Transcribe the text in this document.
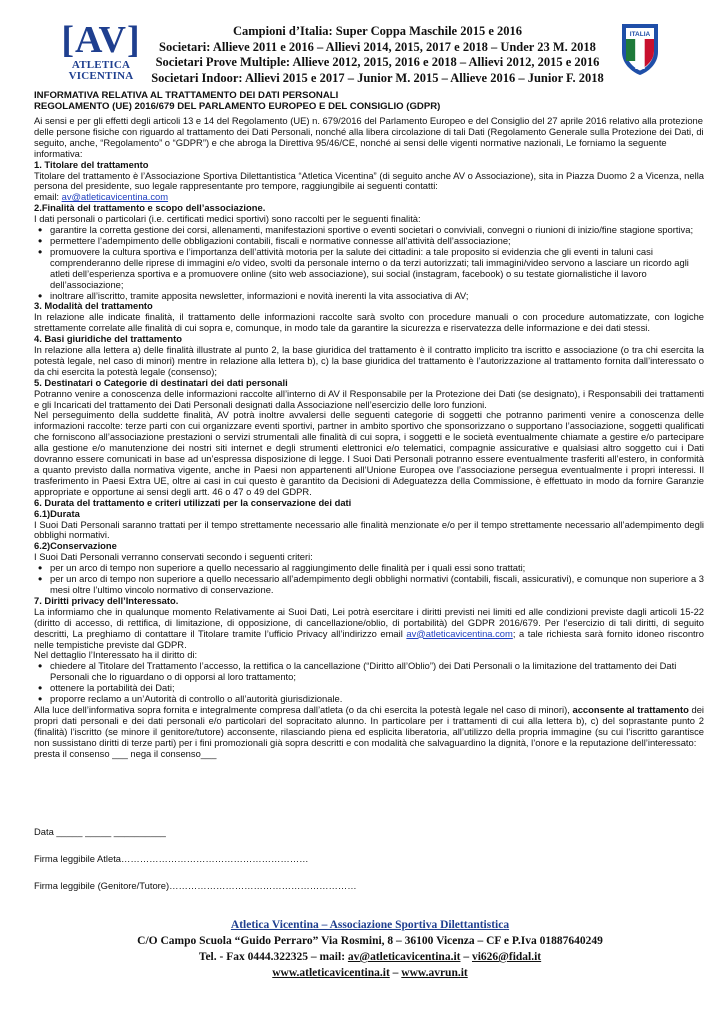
[AV]
ATLETICA
VICENTINA
Campioni d’Italia: Super Coppa Maschile 2015 e 2016
Societari: Allieve 2011 e 2016 – Allievi 2014, 2015, 2017 e 2018 – Under 23 M. 2018
Societari Prove Multiple: Allieve 2012, 2015, 2016 e 2018 – Allievi 2012, 2015 e 2016
Societari Indoor: Allievi 2015 e 2017 – Junior M. 2015 – Allieve 2016 – Junior F. 2018
ITALIA

INFORMATIVA RELATIVA AL TRATTAMENTO DEI DATI PERSONALI

REGOLAMENTO (UE) 2016/679 DEL PARLAMENTO EUROPEO E DEL CONSIGLIO (GDPR)

Ai sensi e per gli effetti degli articoli 13 e 14 del Regolamento (UE) n. 679/2016 del Parlamento Europeo e del Consiglio del 27 aprile 2016 relativo alla protezione delle persone fisiche con riguardo al trattamento dei Dati Personali, nonché alla libera circolazione di tali Dati (Regolamento Generale sulla Protezione dei Dati, di seguito, anche, “Regolamento” o “GDPR”) e che abroga la Direttiva 95/46/CE, nonché ai sensi delle vigenti normative nazionali, Le forniamo la seguente informativa:

1. Titolare del trattamento

Titolare del trattamento è l’Associazione Sportiva Dilettantistica “Atletica Vicentina” (di seguito anche AV o Associazione), sita in Piazza Duomo 2 a Vicenza, nella persona del presidente, suo legale rappresentante pro tempore, raggiungibile ai seguenti contatti:

email: av@atleticavicentina.com

2.Finalità del trattamento e scopo dell’associazione.

I dati personali o particolari (i.e. certificati medici sportivi) sono raccolti per le seguenti finalità:

• garantire la corretta gestione dei corsi, allenamenti, manifestazioni sportive o eventi societari o conviviali, convegni o riunioni di inizio/fine stagione sportiva;
• permettere l’adempimento delle obbligazioni contabili, fiscali e normative connesse all’attività dell’associazione;
• promuovere la cultura sportiva e l’importanza dell’attività motoria per la salute dei cittadini: a tale proposito si evidenzia che gli eventi in taluni casi comprenderanno delle riprese di immagini e/o video, svolti da personale interno o da terzi autorizzati; tali immagini/video servono a lasciare un ricordo agli atleti dell’esperienza sportiva e a promuovere online (sito web associazione), sui social (instagram, facebook) o su testate giornalistiche il lavoro dell’associazione;
• inoltrare all’iscritto, tramite apposita newsletter, informazioni e novità inerenti la vita associativa di AV;

3. Modalità del trattamento

In relazione alle indicate finalità, il trattamento delle informazioni raccolte sarà svolto con procedure manuali o con procedure automatizzate, con logiche strettamente correlate alle finalità di cui sopra e, comunque, in modo tale da garantire la sicurezza e riservatezza delle informazione e dei dati stessi.

4. Basi giuridiche del trattamento

In relazione alla lettera a) delle finalità illustrate al punto 2, la base giuridica del trattamento è il contratto implicito tra iscritto e associazione (o tra chi esercita la potestà legale, nel caso di minori) mentre in relazione alla lettera b), c) la base giuridica del trattamento è l’autorizzazione al trattamento fornita dall’interessato o da chi esercita la potestà legale (consenso);

5. Destinatari o Categorie di destinatari dei dati personali

Potranno venire a conoscenza delle informazioni raccolte all’interno di AV il Responsabile per la Protezione dei Dati (se designato), i Responsabili dei trattamenti e gli Incaricati del trattamento dei Dati Personali designati dalla Associazione nell’esercizio delle loro funzioni.

Nel perseguimento della suddette finalità, AV potrà inoltre avvalersi delle seguenti categorie di soggetti che potranno parimenti venire a conoscenza delle informazioni raccolte: terze parti con cui organizzare eventi sportivi, partner in ambito sportivo che sponsorizzano o supportano l’associazione, soggetti qualificati che forniscono all’associazione prestazioni o servizi strumentali alle finalità di cui sopra, i soggetti e le società eventualmente chiamate a gestire e/o partecipare alla gestione e/o manutenzione dei nostri siti internet e degli strumenti elettronici e/o telematici, compagnie assicurative e qualsiasi altro soggetto cui i Dati dovranno essere comunicati in base ad un’espressa disposizione di legge. I Suoi Dati Personali potranno essere eventualmente trasferiti all’estero, in conformità a quanto previsto dalla normativa vigente, anche in Paesi non appartenenti all’Unione Europea ove l’associazione persegua eventualmente i propri interessi. Il trasferimento in Paesi Extra UE, oltre ai casi in cui questo è garantito da Decisioni di Adeguatezza della Commissione, è effettuato in modo da fornire Garanzie appropriate e opportune ai sensi degli artt. 46 o 47 o 49 del GDPR.

6. Durata del trattamento e criteri utilizzati per la conservazione dei dati

6.1)Durata

I Suoi Dati Personali saranno trattati per il tempo strettamente necessario alle finalità menzionate e/o per il tempo strettamente necessario all’adempimento degli obblighi normativi.

6.2)Conservazione

I Suoi Dati Personali verranno conservati secondo i seguenti criteri:

• per un arco di tempo non superiore a quello necessario al raggiungimento delle finalità per i quali essi sono trattati;
• per un arco di tempo non superiore a quello necessario all’adempimento degli obblighi normativi (contabili, fiscali, assicurativi), e comunque non superiore a 3 mesi oltre l’ultimo vincolo normativo di conservazione.

7. Diritti privacy dell’Interessato.

La informiamo che in qualunque momento Relativamente ai Suoi Dati, Lei potrà esercitare i diritti previsti nei limiti ed alle condizioni previste dagli articoli 15-22 (diritto di accesso, di rettifica, di limitazione, di opposizione, di cancellazione/oblio, di portabilità) del GDPR 2016/679. Per l’esercizio di tali diritti, di seguito descritti, La preghiamo di contattare il Titolare tramite l’ufficio Privacy all’indirizzo email av@atleticavicentina.com; a tale richiesta sarà fornito idoneo riscontro nelle tempistiche previste dal GDPR.

Nel dettaglio l’Interessato ha il diritto di:

• chiedere al Titolare del Trattamento l’accesso, la rettifica o la cancellazione (“Diritto all’Oblio”) dei Dati Personali o la limitazione del trattamento dei Dati Personali che lo riguardano o di opporsi al loro trattamento;
• ottenere la portabilità dei Dati;
• proporre reclamo a un’Autorità di controllo o all’autorità giurisdizionale.

Alla luce dell’informativa sopra fornita e integralmente compresa dall’atleta (o da chi esercita la potestà legale nel caso di minori), acconsente al trattamento dei propri dati personali e dei dati personali e/o particolari del sopracitato alunno. In particolare per i trattamenti di cui alla lettera b), c) del soprastante punto 2 (finalità) l’iscritto (se minore il genitore/tutore) acconsente, rilasciando piena ed esplicita liberatoria, all’utilizzo della propria immagine (su cui l’iscritto garantisce non sussistano diritti di terze parti) per i fini promozionali già sopra descritti e con modalità che salvaguardino la dignità, l’onore e la reputazione dell’interessato:

presta il consenso ___ nega il consenso___

Data _____ _____ __________
Firma leggibile Atleta……………………………………………………
Firma leggibile (Genitore/Tutore)……………………………………………………
Atletica Vicentina – Associazione Sportiva Dilettantistica
C/O Campo Scuola “Guido Perraro” Via Rosmini, 8 – 36100 Vicenza – CF e P.Iva 01887640249
Tel. - Fax 0444.322325 – mail: av@atleticavicentina.it – vi626@fidal.it
www.atleticavicentina.it – www.avrun.it
